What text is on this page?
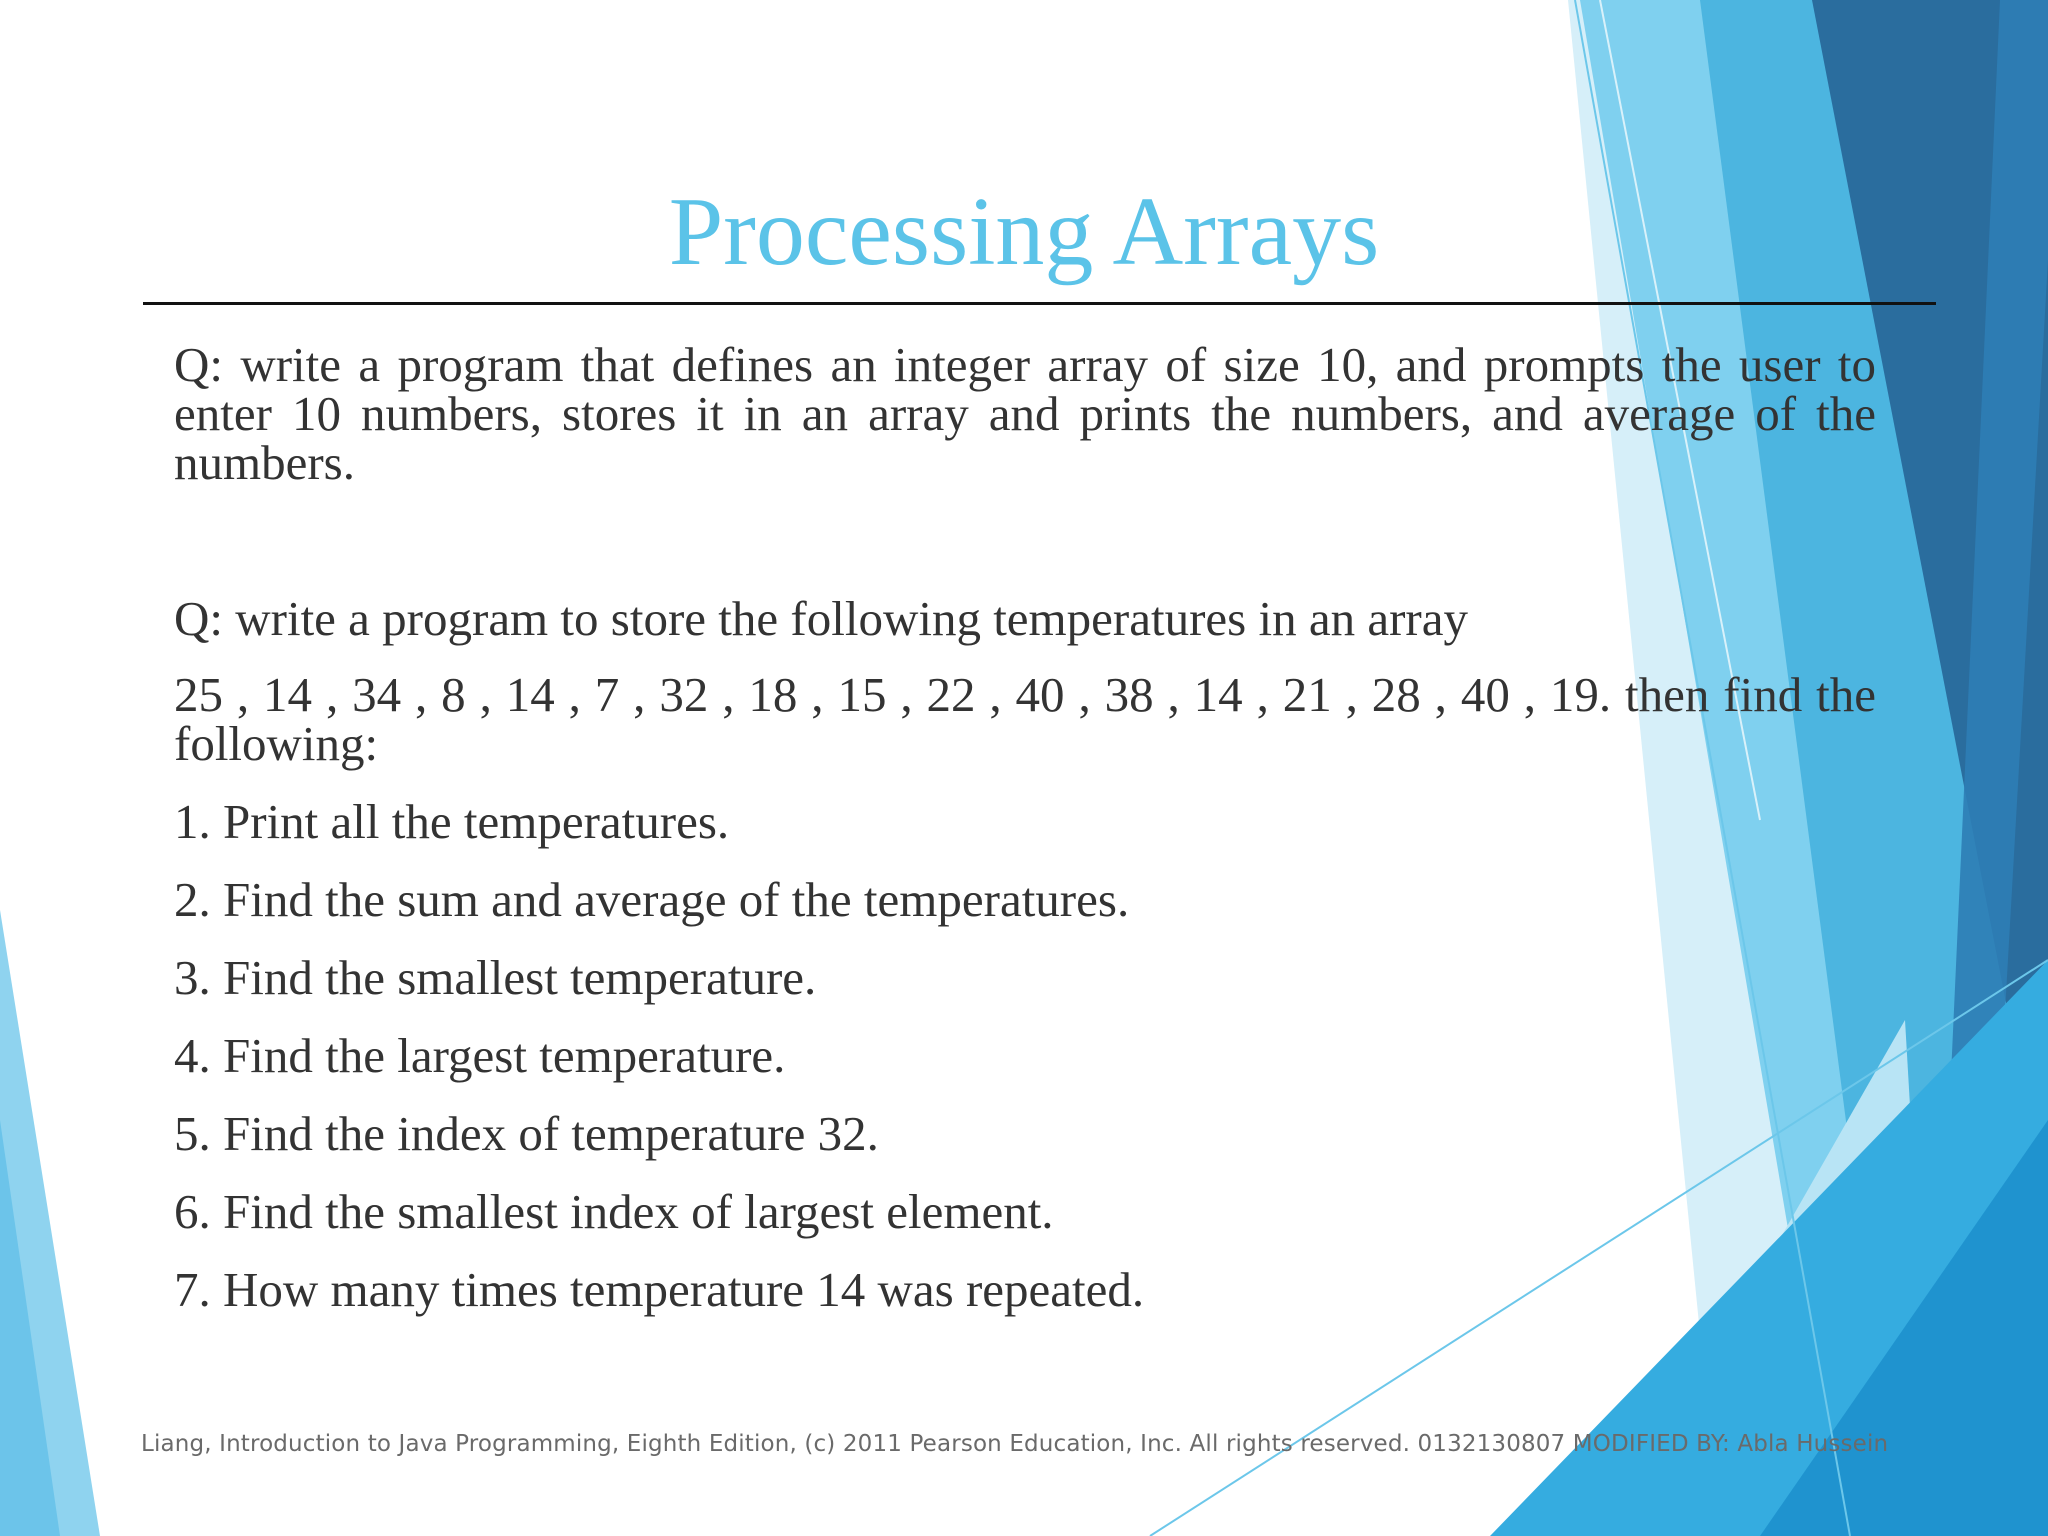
Processing Arrays

Q: write a program that defines an integer array of size 10, and prompts the user to enter 10 numbers, stores it in an array and prints the numbers, and average of the numbers.

Q: write a program to store the following temperatures in an array

25 , 14 , 34 , 8 , 14 , 7 , 32 , 18 , 15 , 22 , 40 , 38 , 14 , 21 , 28 , 40 , 19. then find the following:

1. Print all the temperatures.

2. Find the sum and average of the temperatures.

3. Find the smallest temperature.

4. Find the largest temperature.

5. Find the index of temperature 32.

6. Find the smallest index of largest element.

7. How many times temperature 14 was repeated.

Liang, Introduction to Java Programming, Eighth Edition, (c) 2011 Pearson Education, Inc. All rights reserved. 0132130807 MODIFIED BY: Abla Hussein
